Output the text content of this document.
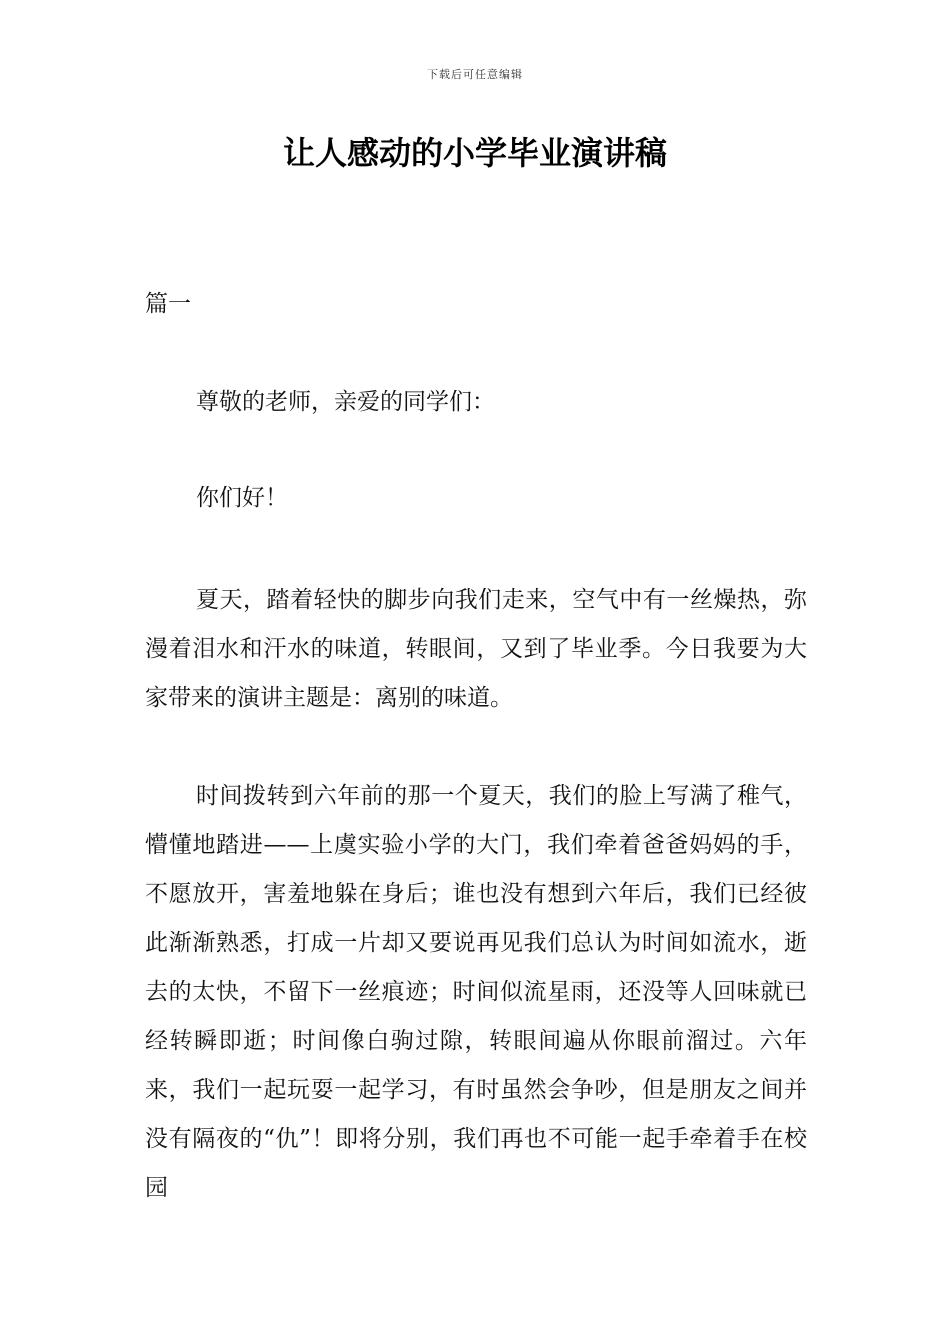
下载后可任意编辑
让人感动的小学毕业演讲稿
篇一

尊敬的老师，亲爱的同学们：

你们好！

夏天，踏着轻快的脚步向我们走来，空气中有一丝燥热，弥漫着泪水和汗水的味道，转眼间，又到了毕业季。今日我要为大家带来的演讲主题是：离别的味道。

时间拨转到六年前的那一个夏天，我们的脸上写满了稚气，懵懂地踏进——上虞实验小学的大门，我们牵着爸爸妈妈的手，不愿放开，害羞地躲在身后；谁也没有想到六年后，我们已经彼此渐渐熟悉，打成一片却又要说再见我们总认为时间如流水，逝去的太快，不留下一丝痕迹；时间似流星雨，还没等人回味就已经转瞬即逝；时间像白驹过隙，转眼间遍从你眼前溜过。六年来，我们一起玩耍一起学习，有时虽然会争吵，但是朋友之间并没有隔夜的“仇”！即将分别，我们再也不可能一起手牵着手在校园
